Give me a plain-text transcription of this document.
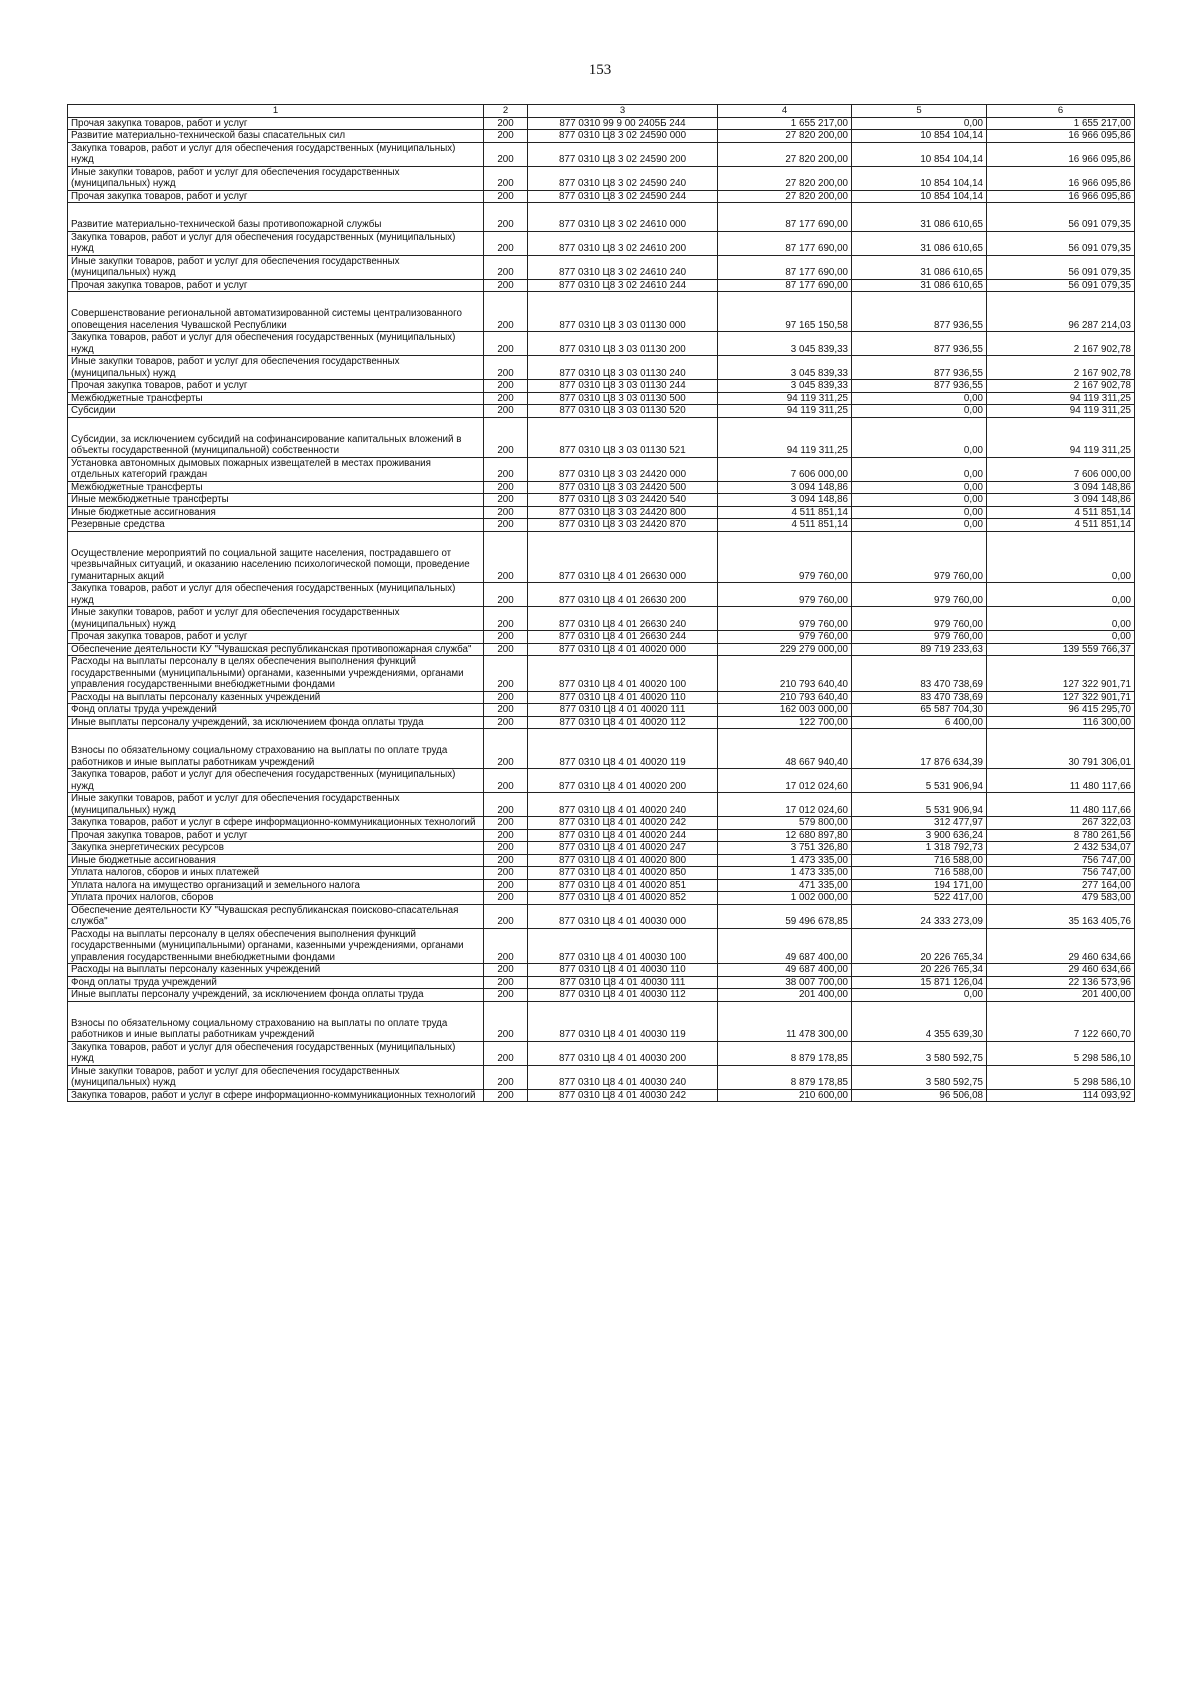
153
1	2	3	4	5	6
Прочая закупка товаров, работ и услуг	200	877 0310 99 9 00 2405Б 244	1 655 217,00	0,00	1 655 217,00
Развитие материально-технической базы спасательных сил	200	877 0310 Ц8 3 02 24590 000	27 820 200,00	10 854 104,14	16 966 095,86
Закупка товаров, работ и услуг для обеспечения государственных (муниципальных) нужд	200	877 0310 Ц8 3 02 24590 200	27 820 200,00	10 854 104,14	16 966 095,86
Иные закупки товаров, работ и услуг для обеспечения государственных (муниципальных) нужд	200	877 0310 Ц8 3 02 24590 240	27 820 200,00	10 854 104,14	16 966 095,86
Прочая закупка товаров, работ и услуг	200	877 0310 Ц8 3 02 24590 244	27 820 200,00	10 854 104,14	16 966 095,86
Развитие материально-технической базы противопожарной службы	200	877 0310 Ц8 3 02 24610 000	87 177 690,00	31 086 610,65	56 091 079,35
Закупка товаров, работ и услуг для обеспечения государственных (муниципальных) нужд	200	877 0310 Ц8 3 02 24610 200	87 177 690,00	31 086 610,65	56 091 079,35
Иные закупки товаров, работ и услуг для обеспечения государственных (муниципальных) нужд	200	877 0310 Ц8 3 02 24610 240	87 177 690,00	31 086 610,65	56 091 079,35
Прочая закупка товаров, работ и услуг	200	877 0310 Ц8 3 02 24610 244	87 177 690,00	31 086 610,65	56 091 079,35
Совершенствование региональной автоматизированной системы централизованного оповещения населения Чувашской Республики	200	877 0310 Ц8 3 03 01130 000	97 165 150,58	877 936,55	96 287 214,03
Закупка товаров, работ и услуг для обеспечения государственных (муниципальных) нужд	200	877 0310 Ц8 3 03 01130 200	3 045 839,33	877 936,55	2 167 902,78
Иные закупки товаров, работ и услуг для обеспечения государственных (муниципальных) нужд	200	877 0310 Ц8 3 03 01130 240	3 045 839,33	877 936,55	2 167 902,78
Прочая закупка товаров, работ и услуг	200	877 0310 Ц8 3 03 01130 244	3 045 839,33	877 936,55	2 167 902,78
Межбюджетные трансферты	200	877 0310 Ц8 3 03 01130 500	94 119 311,25	0,00	94 119 311,25
Субсидии	200	877 0310 Ц8 3 03 01130 520	94 119 311,25	0,00	94 119 311,25
Субсидии, за исключением субсидий на софинансирование капитальных вложений в объекты государственной (муниципальной) собственности	200	877 0310 Ц8 3 03 01130 521	94 119 311,25	0,00	94 119 311,25
Установка автономных дымовых пожарных извещателей в местах проживания отдельных категорий граждан	200	877 0310 Ц8 3 03 24420 000	7 606 000,00	0,00	7 606 000,00
Межбюджетные трансферты	200	877 0310 Ц8 3 03 24420 500	3 094 148,86	0,00	3 094 148,86
Иные межбюджетные трансферты	200	877 0310 Ц8 3 03 24420 540	3 094 148,86	0,00	3 094 148,86
Иные бюджетные ассигнования	200	877 0310 Ц8 3 03 24420 800	4 511 851,14	0,00	4 511 851,14
Резервные средства	200	877 0310 Ц8 3 03 24420 870	4 511 851,14	0,00	4 511 851,14
Осуществление мероприятий по социальной защите населения, пострадавшего от чрезвычайных ситуаций, и оказанию населению психологической помощи, проведение гуманитарных акций	200	877 0310 Ц8 4 01 26630 000	979 760,00	979 760,00	0,00
Закупка товаров, работ и услуг для обеспечения государственных (муниципальных) нужд	200	877 0310 Ц8 4 01 26630 200	979 760,00	979 760,00	0,00
Иные закупки товаров, работ и услуг для обеспечения государственных (муниципальных) нужд	200	877 0310 Ц8 4 01 26630 240	979 760,00	979 760,00	0,00
Прочая закупка товаров, работ и услуг	200	877 0310 Ц8 4 01 26630 244	979 760,00	979 760,00	0,00
Обеспечение деятельности КУ "Чувашская республиканская противопожарная служба"	200	877 0310 Ц8 4 01 40020 000	229 279 000,00	89 719 233,63	139 559 766,37
Расходы на выплаты персоналу в целях обеспечения выполнения функций государственными (муниципальными) органами, казенными учреждениями, органами управления государственными внебюджетными фондами	200	877 0310 Ц8 4 01 40020 100	210 793 640,40	83 470 738,69	127 322 901,71
Расходы на выплаты персоналу казенных учреждений	200	877 0310 Ц8 4 01 40020 110	210 793 640,40	83 470 738,69	127 322 901,71
Фонд оплаты труда учреждений	200	877 0310 Ц8 4 01 40020 111	162 003 000,00	65 587 704,30	96 415 295,70
Иные выплаты персоналу учреждений, за исключением фонда оплаты труда	200	877 0310 Ц8 4 01 40020 112	122 700,00	6 400,00	116 300,00
Взносы по обязательному социальному страхованию на выплаты по оплате труда работников и иные выплаты работникам учреждений	200	877 0310 Ц8 4 01 40020 119	48 667 940,40	17 876 634,39	30 791 306,01
Закупка товаров, работ и услуг для обеспечения государственных (муниципальных) нужд	200	877 0310 Ц8 4 01 40020 200	17 012 024,60	5 531 906,94	11 480 117,66
Иные закупки товаров, работ и услуг для обеспечения государственных (муниципальных) нужд	200	877 0310 Ц8 4 01 40020 240	17 012 024,60	5 531 906,94	11 480 117,66
Закупка товаров, работ и услуг в сфере информационно-коммуникационных технологий	200	877 0310 Ц8 4 01 40020 242	579 800,00	312 477,97	267 322,03
Прочая закупка товаров, работ и услуг	200	877 0310 Ц8 4 01 40020 244	12 680 897,80	3 900 636,24	8 780 261,56
Закупка энергетических ресурсов	200	877 0310 Ц8 4 01 40020 247	3 751 326,80	1 318 792,73	2 432 534,07
Иные бюджетные ассигнования	200	877 0310 Ц8 4 01 40020 800	1 473 335,00	716 588,00	756 747,00
Уплата налогов, сборов и иных платежей	200	877 0310 Ц8 4 01 40020 850	1 473 335,00	716 588,00	756 747,00
Уплата налога на имущество организаций и земельного налога	200	877 0310 Ц8 4 01 40020 851	471 335,00	194 171,00	277 164,00
Уплата прочих налогов, сборов	200	877 0310 Ц8 4 01 40020 852	1 002 000,00	522 417,00	479 583,00
Обеспечение деятельности КУ "Чувашская республиканская поисково-спасательная служба"	200	877 0310 Ц8 4 01 40030 000	59 496 678,85	24 333 273,09	35 163 405,76
Расходы на выплаты персоналу в целях обеспечения выполнения функций государственными (муниципальными) органами, казенными учреждениями, органами управления государственными внебюджетными фондами	200	877 0310 Ц8 4 01 40030 100	49 687 400,00	20 226 765,34	29 460 634,66
Расходы на выплаты персоналу казенных учреждений	200	877 0310 Ц8 4 01 40030 110	49 687 400,00	20 226 765,34	29 460 634,66
Фонд оплаты труда учреждений	200	877 0310 Ц8 4 01 40030 111	38 007 700,00	15 871 126,04	22 136 573,96
Иные выплаты персоналу учреждений, за исключением фонда оплаты труда	200	877 0310 Ц8 4 01 40030 112	201 400,00	0,00	201 400,00
Взносы по обязательному социальному страхованию на выплаты по оплате труда работников и иные выплаты работникам учреждений	200	877 0310 Ц8 4 01 40030 119	11 478 300,00	4 355 639,30	7 122 660,70
Закупка товаров, работ и услуг для обеспечения государственных (муниципальных) нужд	200	877 0310 Ц8 4 01 40030 200	8 879 178,85	3 580 592,75	5 298 586,10
Иные закупки товаров, работ и услуг для обеспечения государственных (муниципальных) нужд	200	877 0310 Ц8 4 01 40030 240	8 879 178,85	3 580 592,75	5 298 586,10
Закупка товаров, работ и услуг в сфере информационно-коммуникационных технологий	200	877 0310 Ц8 4 01 40030 242	210 600,00	96 506,08	114 093,92
